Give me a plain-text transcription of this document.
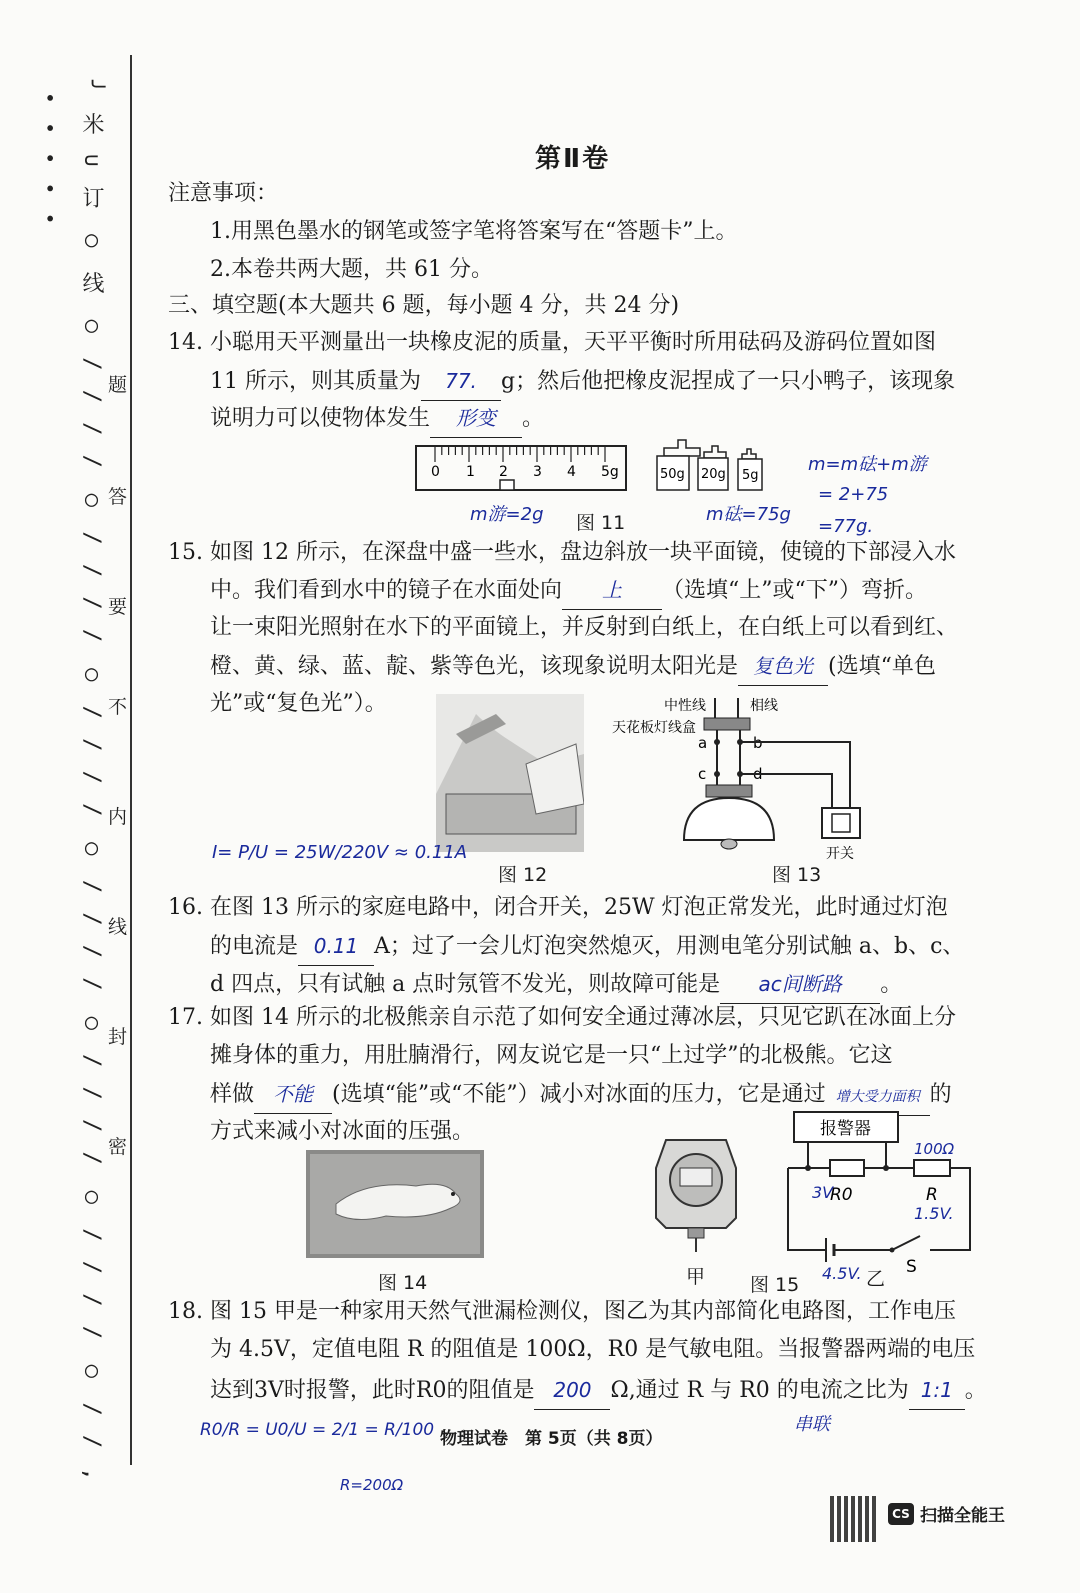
• • • • • ╯ 米 ∪ 订 ○ 线 ○ / / / / ○ / / / / ○ / / / / ○ / / / / ○ / / / / ○ / / / / ○ / / , 题
答
要
不
内
线
封
密
第Ⅱ卷
注意事项：
1.用黑色墨水的钢笔或签字笔将答案写在“答题卡”上。
2.本卷共两大题，共 61 分。
三、填空题(本大题共 6 题，每小题 4 分，共 24 分)
14. 小聪用天平测量出一块橡皮泥的质量，天平平衡时所用砝码及游码位置如图
11 所示，则其质量为 77. g；然后他把橡皮泥捏成了一只小鸭子，该现象
说明力可以使物体发生 形变 。
0 1 2 3 4 5g	50g 20g 5g
m游=2g 图 11	m砝=75g
m=m砝+m游
= 2+75
=77g.
15. 如图 12 所示，在深盘中盛一些水，盘边斜放一块平面镜，使镜的下部浸入水
中。我们看到水中的镜子在水面处向 上 （选填“上”或“下”）弯折。
让一束阳光照射在水下的平面镜上，并反射到白纸上，在白纸上可以看到红、
橙、黄、绿、蓝、靛、紫等色光，该现象说明太阳光是 复色光 (选填“单色
光”或“复色光”）。
图 12
中性线	相线
天花板灯线盒
a	b
c	d
开关
图 13
I= P/U = 25W/220V ≈ 0.11A
16. 在图 13 所示的家庭电路中，闭合开关，25W 灯泡正常发光，此时通过灯泡
的电流是 0.11 A；过了一会儿灯泡突然熄灭，用测电笔分别试触 a、b、c、
d 四点，只有试触 a 点时氖管不发光，则故障可能是 ac间断路 。
17. 如图 14 所示的北极熊亲自示范了如何安全通过薄冰层，只见它趴在冰面上分
摊身体的重力，用肚腩滑行，网友说它是一只“上过学”的北极熊。它这
样做 不能 (选填“能”或“不能”）减小对冰面的压力，它是通过 增大受力面积 的
方式来减小对冰面的压强。
图 14	甲
报警器
R0	R
S
100Ω
3V
1.5V.
4.5V. 乙
图 15
18. 图 15 甲是一种家用天然气泄漏检测仪，图乙为其内部简化电路图，工作电压
为 4.5V，定值电阻 R 的阻值是 100Ω，R0 是气敏电阻。当报警器两端的电压
达到3V时报警，此时R0的阻值是 200 Ω,通过 R 与 R0 的电流之比为 1:1 。
串联
R0/R = U0/U = 2/1 = R/100
R=200Ω
物理试卷　第 5页（共 8页）
CS 扫描全能王
